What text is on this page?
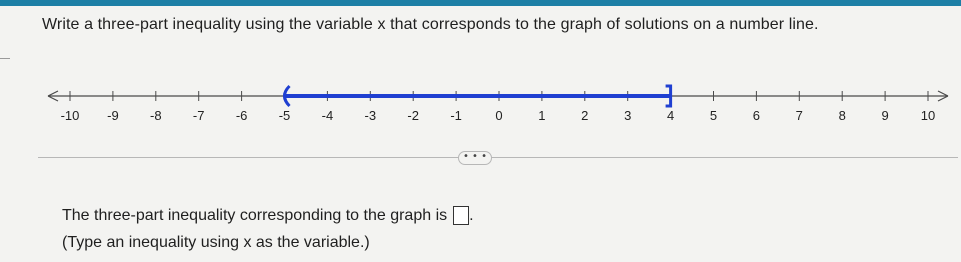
Write a three-part inequality using the variable x that corresponds to the graph of solutions on a number line.
-10 -9 -8 -7 -6 -5 -4 -3 -2 -1	0	1	2	3	4	5	6	7	8	9 10
• • •
The three-part inequality corresponding to the graph is .
(Type an inequality using x as the variable.)
